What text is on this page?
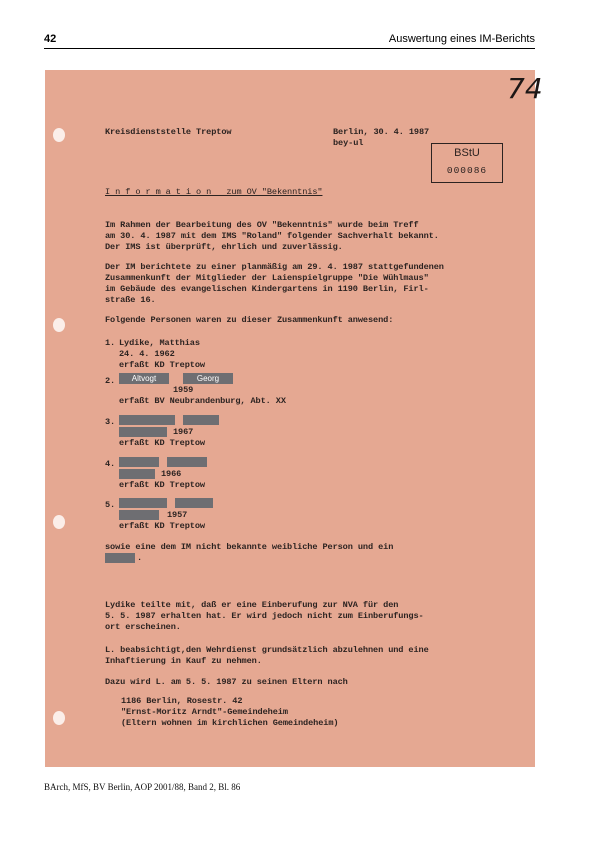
42	Auswertung eines IM-Berichts
74
Kreisdienststelle Treptow	Berlin, 30. 4. 1987
bey-ul
BStU
000086
I n f o r m a t i o n   zum OV "Bekenntnis"
Im Rahmen der Bearbeitung des OV "Bekenntnis" wurde beim Treff
am 30. 4. 1987 mit dem IMS "Roland" folgender Sachverhalt bekannt.
Der IMS ist überprüft, ehrlich und zuverlässig.
Der IM berichtete zu einer planmäßig am 29. 4. 1987 stattgefundenen
Zusammenkunft der Mitglieder der Laienspielgruppe "Die Wühlmaus"
im Gebäude des evangelischen Kindergartens in 1190 Berlin, Firl-
straße 16.
Folgende Personen waren zu dieser Zusammenkunft anwesend:
1. Lydike, Matthias
24. 4. 1962
erfaßt KD Treptow
2.	Altvogt	Georg
1959
erfaßt BV Neubrandenburg, Abt. XX
3.
1967
erfaßt KD Treptow
4.
1966
erfaßt KD Treptow
5.
1957
erfaßt KD Treptow
sowie eine dem IM nicht bekannte weibliche Person und ein
.
Lydike teilte mit, daß er eine Einberufung zur NVA für den
5. 5. 1987 erhalten hat. Er wird jedoch nicht zum Einberufungs-
ort erscheinen.
L. beabsichtigt,den Wehrdienst grundsätzlich abzulehnen und eine
Inhaftierung in Kauf zu nehmen.
Dazu wird L. am 5. 5. 1987 zu seinen Eltern nach
1186 Berlin, Rosestr. 42
"Ernst-Moritz Arndt"-Gemeindeheim
(Eltern wohnen im kirchlichen Gemeindeheim)
BArch, MfS, BV Berlin, AOP 2001/88, Band 2, Bl. 86
